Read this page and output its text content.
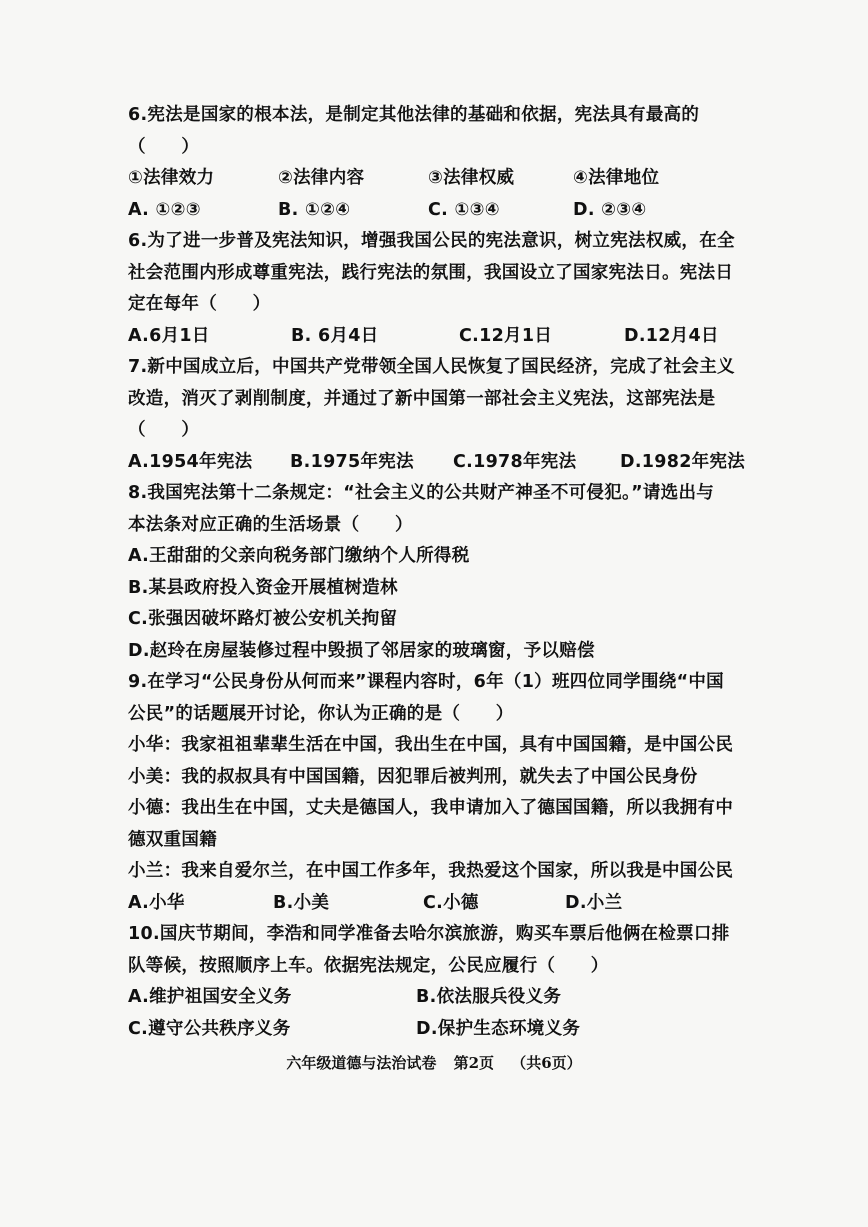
6.宪法是国家的根本法，是制定其他法律的基础和依据，宪法具有最高的
（　　）
①法律效力	②法律内容	③法律权威	④法律地位
A. ①②③	B. ①②④	C. ①③④	D. ②③④
6.为了进一步普及宪法知识，增强我国公民的宪法意识，树立宪法权威，在全
社会范围内形成尊重宪法，践行宪法的氛围，我国设立了国家宪法日。宪法日
定在每年（　　）
A.6月1日	B. 6月4日	C.12月1日	D.12月4日
7.新中国成立后，中国共产党带领全国人民恢复了国民经济，完成了社会主义
改造，消灭了剥削制度，并通过了新中国第一部社会主义宪法，这部宪法是
（　　）
A.1954年宪法	B.1975年宪法	C.1978年宪法	D.1982年宪法
8.我国宪法第十二条规定：“社会主义的公共财产神圣不可侵犯。”请选出与
本法条对应正确的生活场景（　　）
A.王甜甜的父亲向税务部门缴纳个人所得税
B.某县政府投入资金开展植树造林
C.张强因破坏路灯被公安机关拘留
D.赵玲在房屋装修过程中毁损了邻居家的玻璃窗，予以赔偿
9.在学习“公民身份从何而来”课程内容时，6年（1）班四位同学围绕“中国
公民”的话题展开讨论，你认为正确的是（　　）
小华：我家祖祖辈辈生活在中国，我出生在中国，具有中国国籍，是中国公民
小美：我的叔叔具有中国国籍，因犯罪后被判刑，就失去了中国公民身份
小德：我出生在中国，丈夫是德国人，我申请加入了德国国籍，所以我拥有中
德双重国籍
小兰：我来自爱尔兰，在中国工作多年，我热爱这个国家，所以我是中国公民
A.小华	B.小美	C.小德	D.小兰
10.国庆节期间，李浩和同学准备去哈尔滨旅游，购买车票后他俩在检票口排
队等候，按照顺序上车。依据宪法规定，公民应履行（　　）
A.维护祖国安全义务	B.依法服兵役义务
C.遵守公共秩序义务	D.保护生态环境义务
六年级道德与法治试卷 第2页 （共6页）
